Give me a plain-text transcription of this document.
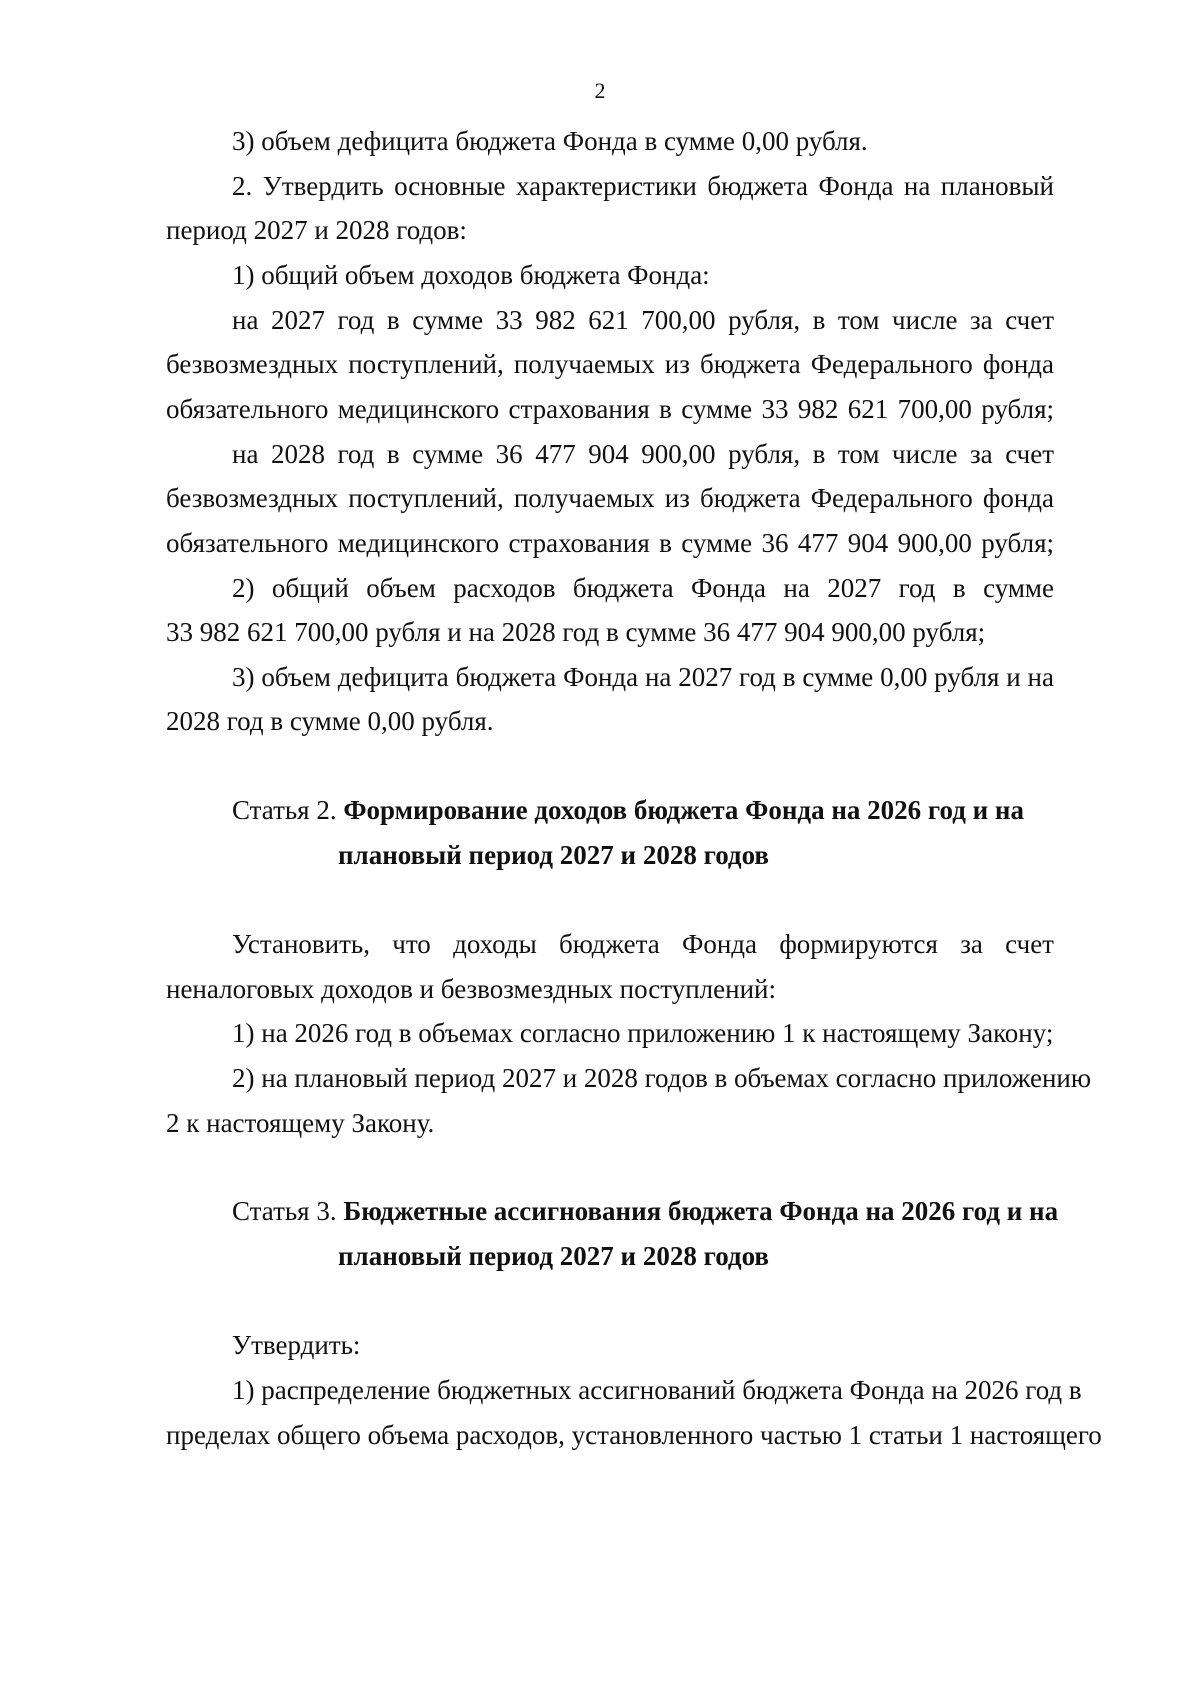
2
3) объем дефицита бюджета Фонда в сумме 0,00 рубля.
2. Утвердить основные характеристики бюджета Фонда на плановый
период 2027 и 2028 годов:
1) общий объем доходов бюджета Фонда:
на 2027 год в сумме 33 982 621 700,00 рубля, в том числе за счет
безвозмездных поступлений, получаемых из бюджета Федерального фонда
обязательного медицинского страхования в сумме 33 982 621 700,00 рубля;
на 2028 год в сумме 36 477 904 900,00 рубля, в том числе за счет
безвозмездных поступлений, получаемых из бюджета Федерального фонда
обязательного медицинского страхования в сумме 36 477 904 900,00 рубля;
2) общий объем расходов бюджета Фонда на 2027 год в сумме
33 982 621 700,00 рубля и на 2028 год в сумме 36 477 904 900,00 рубля;
3) объем дефицита бюджета Фонда на 2027 год в сумме 0,00 рубля и на
2028 год в сумме 0,00 рубля.
Статья 2. Формирование доходов бюджета Фонда на 2026 год и на
плановый период 2027 и 2028 годов
Установить, что доходы бюджета Фонда формируются за счет
неналоговых доходов и безвозмездных поступлений:
1) на 2026 год в объемах согласно приложению 1 к настоящему Закону;
2) на плановый период 2027 и 2028 годов в объемах согласно приложению
2 к настоящему Закону.
Статья 3. Бюджетные ассигнования бюджета Фонда на 2026 год и на
плановый период 2027 и 2028 годов
Утвердить:
1) распределение бюджетных ассигнований бюджета Фонда на 2026 год в
пределах общего объема расходов, установленного частью 1 статьи 1 настоящего
